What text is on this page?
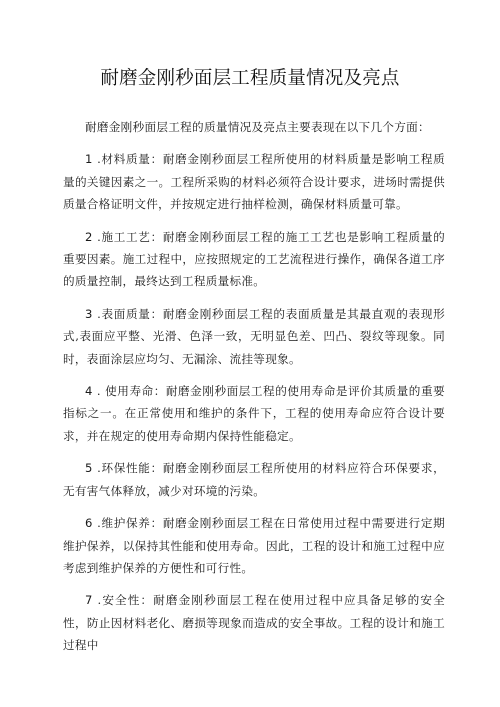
耐磨金刚秒面层工程质量情况及亮点

耐磨金刚秒面层工程的质量情况及亮点主要表现在以下几个方面：

1 .材料质量：耐磨金刚秒面层工程所使用的材料质量是影响工程质量的关键因素之一。工程所采购的材料必须符合设计要求，进场时需提供质量合格证明文件，并按规定进行抽样检测，确保材料质量可靠。

2 .施工工艺：耐磨金刚秒面层工程的施工工艺也是影响工程质量的重要因素。施工过程中，应按照规定的工艺流程进行操作，确保各道工序的质量控制，最终达到工程质量标准。

3 .表面质量：耐磨金刚秒面层工程的表面质量是其最直观的表现形式,表面应平整、光滑、色泽一致，无明显色差、凹凸、裂纹等现象。同时，表面涂层应均匀、无漏涂、流挂等现象。

4 . 使用寿命：耐磨金刚秒面层工程的使用寿命是评价其质量的重要指标之一。在正常使用和维护的条件下，工程的使用寿命应符合设计要求，并在规定的使用寿命期内保持性能稳定。

5 .环保性能：耐磨金刚秒面层工程所使用的材料应符合环保要求，无有害气体释放，减少对环境的污染。

6 .维护保养：耐磨金刚秒面层工程在日常使用过程中需要进行定期维护保养，以保持其性能和使用寿命。因此，工程的设计和施工过程中应考虑到维护保养的方便性和可行性。

7 .安全性：耐磨金刚秒面层工程在使用过程中应具备足够的安全性，防止因材料老化、磨损等现象而造成的安全事故。工程的设计和施工过程中
